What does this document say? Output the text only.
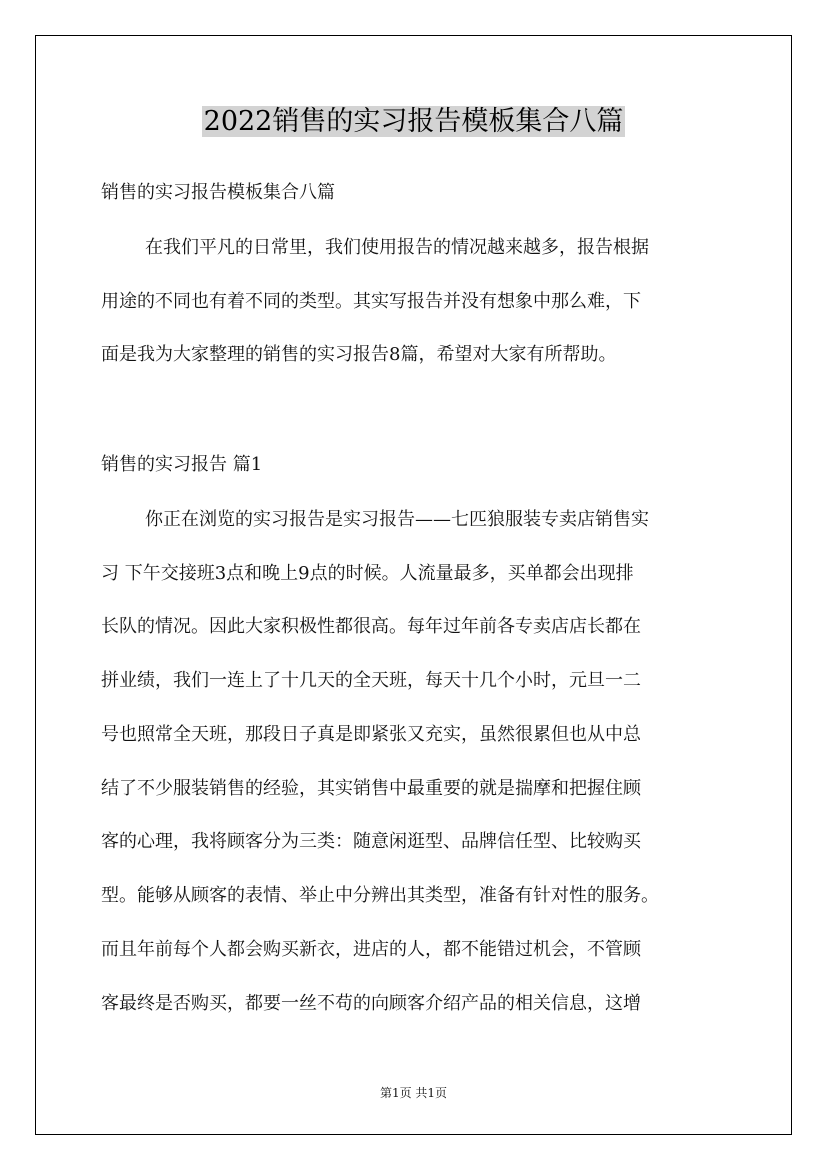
2022销售的实习报告模板集合八篇
销售的实习报告模板集合八篇
在我们平凡的日常里，我们使用报告的情况越来越多，报告根据
用途的不同也有着不同的类型。其实写报告并没有想象中那么难，下
面是我为大家整理的销售的实习报告8篇，希望对大家有所帮助。
销售的实习报告 篇1
你正在浏览的实习报告是实习报告——七匹狼服装专卖店销售实
习 下午交接班3点和晚上9点的时候。人流量最多，买单都会出现排
长队的情况。因此大家积极性都很高。每年过年前各专卖店店长都在
拼业绩，我们一连上了十几天的全天班，每天十几个小时，元旦一二
号也照常全天班，那段日子真是即紧张又充实，虽然很累但也从中总
结了不少服装销售的经验，其实销售中最重要的就是揣摩和把握住顾
客的心理，我将顾客分为三类：随意闲逛型、品牌信任型、比较购买
型。能够从顾客的表情、举止中分辨出其类型，准备有针对性的服务。
而且年前每个人都会购买新衣，进店的人，都不能错过机会，不管顾
客最终是否购买，都要一丝不苟的向顾客介绍产品的相关信息，这增
第1页 共1页
